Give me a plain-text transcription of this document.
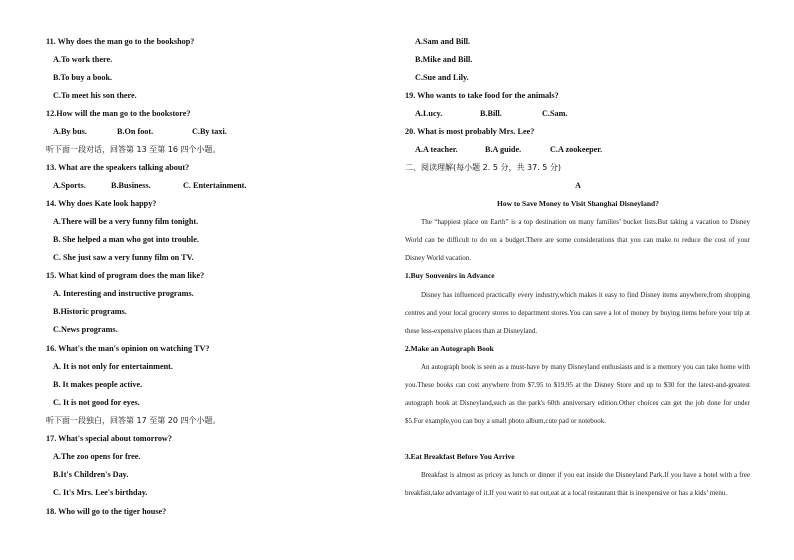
11. Why does the man go to the bookshop?
A.To work there.
B.To buy a book.
C.To meet his son there.
12.How will the man go to the bookstore?
A.By bus.	B.On foot.	C.By taxi.
听下面一段对话，回答第 13 至第 16 四个小题。
13. What are the speakers talking about?
A.Sports.	B.Business.	C. Entertainment.
14. Why does Kate look happy?
A.There will be a very funny film tonight.
B. She helped a man who got into trouble.
C. She just saw a very funny film on TV.
15. What kind of program does the man like?
A. Interesting and instructive programs.
B.Historic programs.
C.News programs.
16. What's the man's opinion on watching TV?
A. It is not only for entertainment.
B. It makes people active.
C. It is not good for eyes.
听下面一段独白，回答第 17 至第 20 四个小题。
17. What's special about tomorrow?
A.The zoo opens for free.
B.It's Children's Day.
C. It's Mrs. Lee's birthday.
18. Who will go to the tiger house?
A.Sam and Bill.
B.Mike and Bill.
C.Sue and Lily.
19. Who wants to take food for the animals?
A.Lucy.	B.Bill.	C.Sam.
20. What is most probably Mrs. Lee?
A.A teacher.	B.A guide.	C.A zookeeper.
二、阅读理解(每小题 2. 5 分，共 37. 5 分)
A
How to Save Money to Visit Shanghai Disneyland?
The “happiest place on Earth” is a top destination on many families’ bucket lists.But taking a vacation to Disney World can be difficult to do on a budget.There are some considerations that you can make to reduce the cost of your Disney World vacation.
1.Buy Souvenirs in Advance
Disney has influenced practically every industry,which makes it easy to find Disney items anywhere,from shopping centres and your local grocery stores to department stores.You can save a lot of money by buying items before your trip at these less-expensive places than at Disneyland.
2.Make an Autograph Book
An autograph book is seen as a must-have by many Disneyland enthusiasts and is a memory you can take home with you.These books can cost anywhere from $7.95 to $19.95 at the Disney Store and up to $30 for the latest-and-greatest autograph book at Disneyland,such as the park's 60th anniversary edition.Other choices can get the job done for under $5.For example,you can buy a small photo album,cute pad or notebook.
3.Eat Breakfast Before You Arrive
Breakfast is almost as pricey as lunch or dinner if you eat inside the Disneyland Park.If you have a hotel with a free breakfast,take advantage of it.If you want to eat out,eat at a local restaurant that is inexpensive or has a kids’ menu.
